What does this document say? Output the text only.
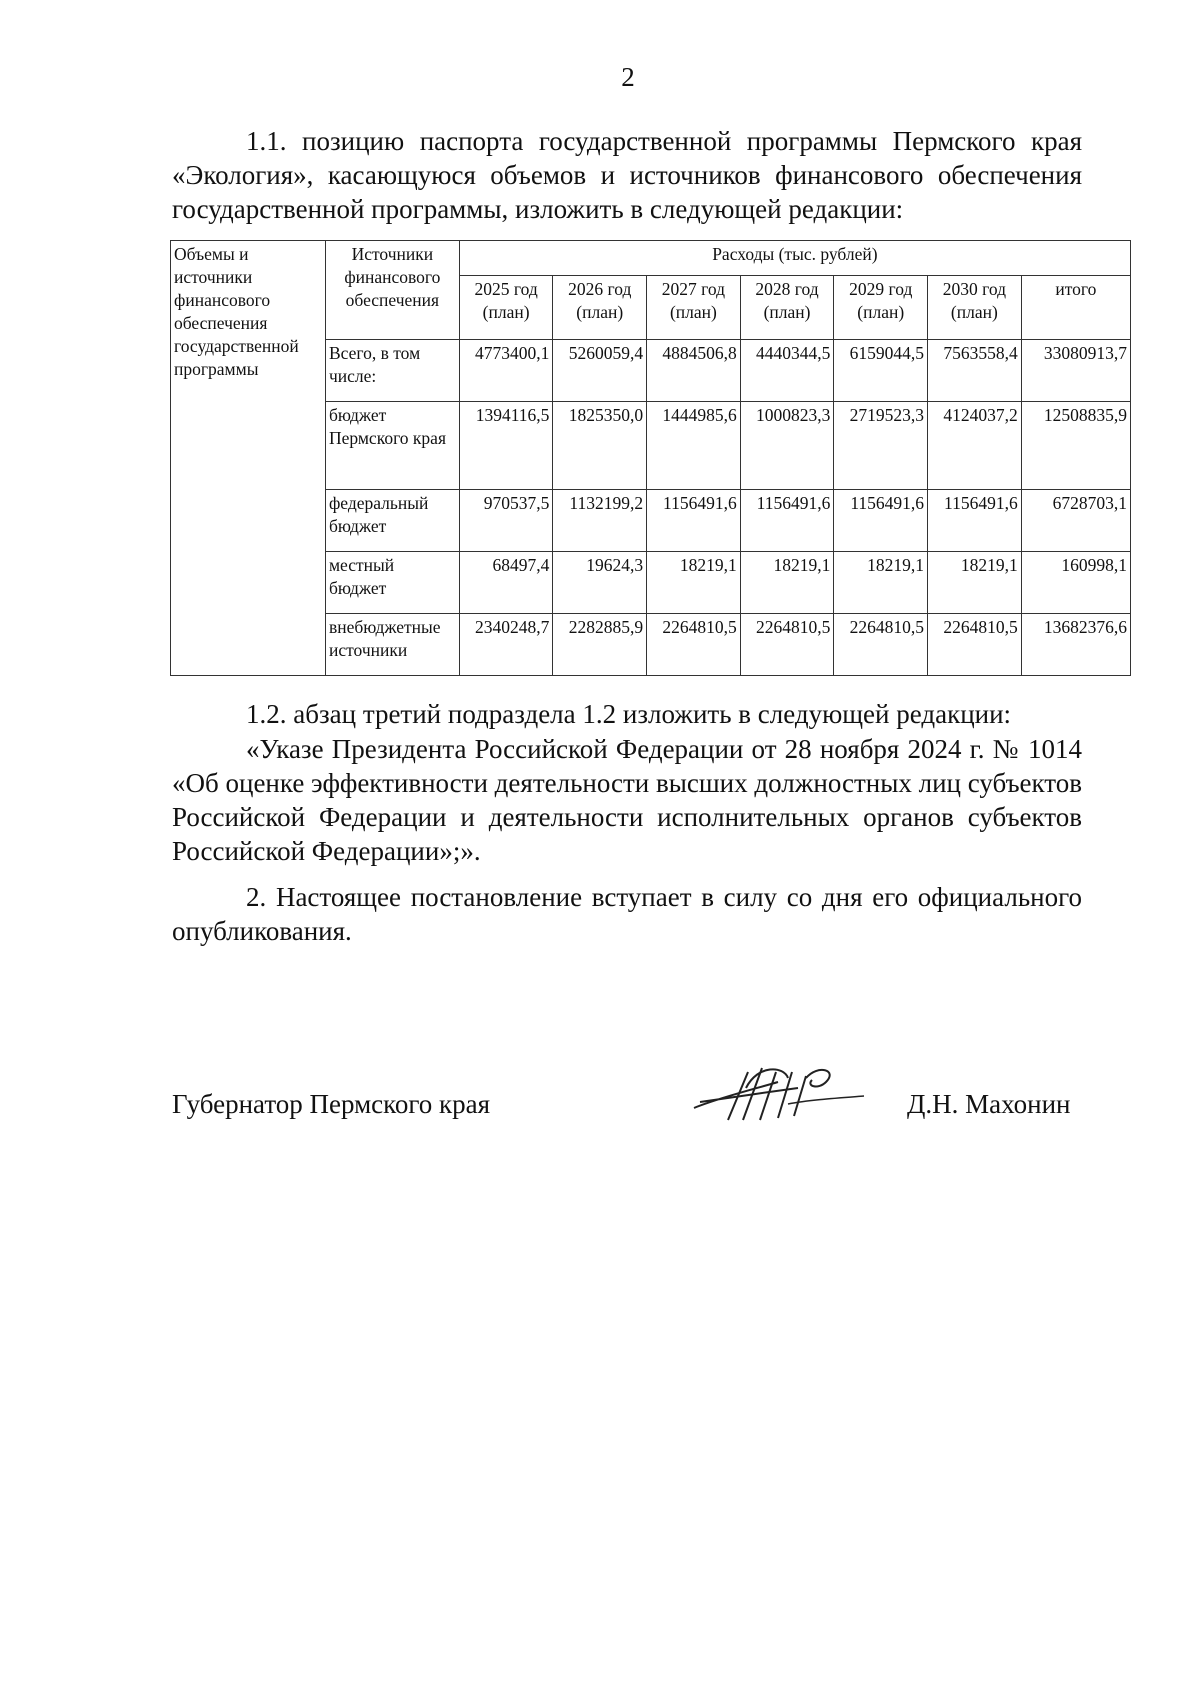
2
1.1. позицию паспорта государственной программы Пермского края «Экология», касающуюся объемов и источников финансового обеспечения государственной программы, изложить в следующей редакции:
Объемы и источники финансового обеспечения государственной программы	Источники финансового обеспечения	Расходы (тыс. рублей)						
		2025 год (план)	2026 год (план)	2027 год (план)	2028 год (план)	2029 год (план)	2030 год (план)	итого
	Всего, в том числе:	4773400,1	5260059,4	4884506,8	4440344,5	6159044,5	7563558,4	33080913,7
	бюджет Пермского края	1394116,5	1825350,0	1444985,6	1000823,3	2719523,3	4124037,2	12508835,9
	федеральный бюджет	970537,5	1132199,2	1156491,6	1156491,6	1156491,6	1156491,6	6728703,1
	местный бюджет	68497,4	19624,3	18219,1	18219,1	18219,1	18219,1	160998,1
	внебюджетные источники	2340248,7	2282885,9	2264810,5	2264810,5	2264810,5	2264810,5	13682376,6
1.2. абзац третий подраздела 1.2 изложить в следующей редакции:
«Указе Президента Российской Федерации от 28 ноября 2024 г. № 1014 «Об оценке эффективности деятельности высших должностных лиц субъектов Российской Федерации и деятельности исполнительных органов субъектов Российской Федерации»;».
2. Настоящее постановление вступает в силу со дня его официального опубликования.
Губернатор Пермского края	Д.Н. Махонин
